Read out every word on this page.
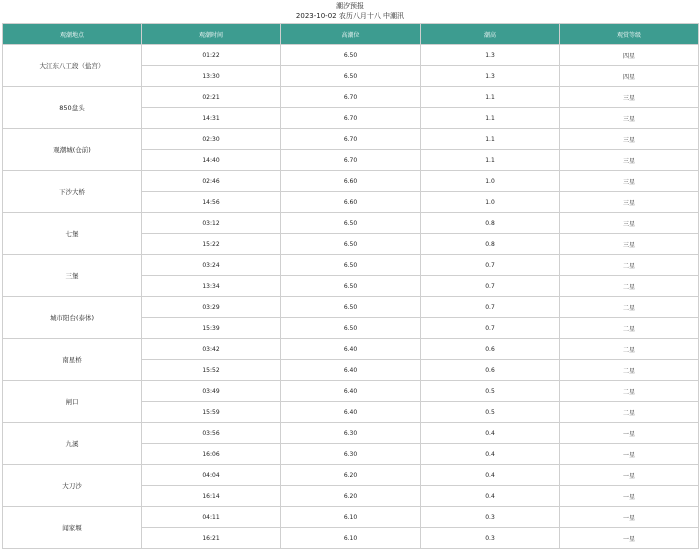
潮汐预报
2023-10-02 农历八月十八 中潮汛
观潮地点	观潮时间	高潮位	潮高	观赏等级
大江东八工段（盐宫）	01:22	6.50	1.3	四星
	13:30	6.50	1.3	四星
850盘头	02:21	6.70	1.1	三星
	14:31	6.70	1.1	三星
观潮城(仓前)	02:30	6.70	1.1	三星
	14:40	6.70	1.1	三星
下沙大桥	02:46	6.60	1.0	三星
	14:56	6.60	1.0	三星
七堡	03:12	6.50	0.8	三星
	15:22	6.50	0.8	三星
三堡	03:24	6.50	0.7	二星
	13:34	6.50	0.7	二星
城市阳台(泰体)	03:29	6.50	0.7	二星
	15:39	6.50	0.7	二星
南星桥	03:42	6.40	0.6	二星
	15:52	6.40	0.6	二星
闸口	03:49	6.40	0.5	二星
	15:59	6.40	0.5	二星
九溪	03:56	6.30	0.4	一星
	16:06	6.30	0.4	一星
大刀沙	04:04	6.20	0.4	一星
	16:14	6.20	0.4	一星
闻家堰	04:11	6.10	0.3	一星
	16:21	6.10	0.3	一星
